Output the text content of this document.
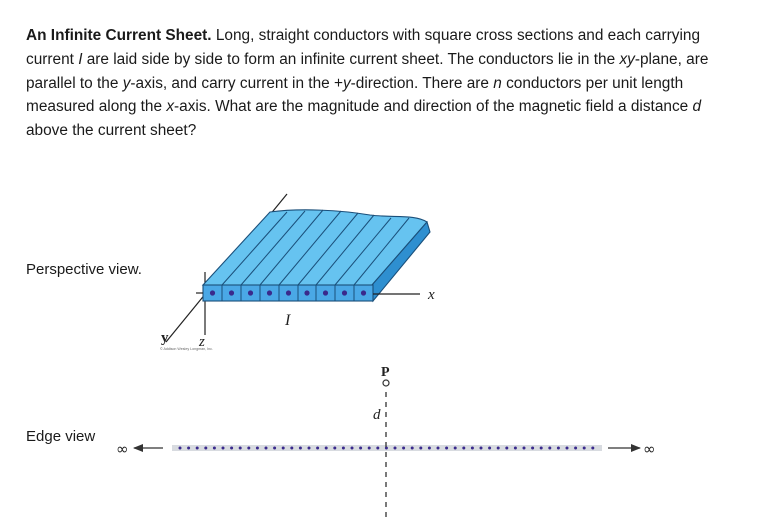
An Infinite Current Sheet. Long, straight conductors with square cross sections and each carrying current I are laid side by side to form an infinite current sheet. The conductors lie in the xy-plane, are parallel to the y-axis, and carry current in the +y-direction. There are n conductors per unit length measured along the x-axis. What are the magnitude and direction of the magnetic field a distance d above the current sheet?

Perspective view.
Edge view
x
I
y z
© Addison Wesley Longman, Inc.
∞	∞
P
d
